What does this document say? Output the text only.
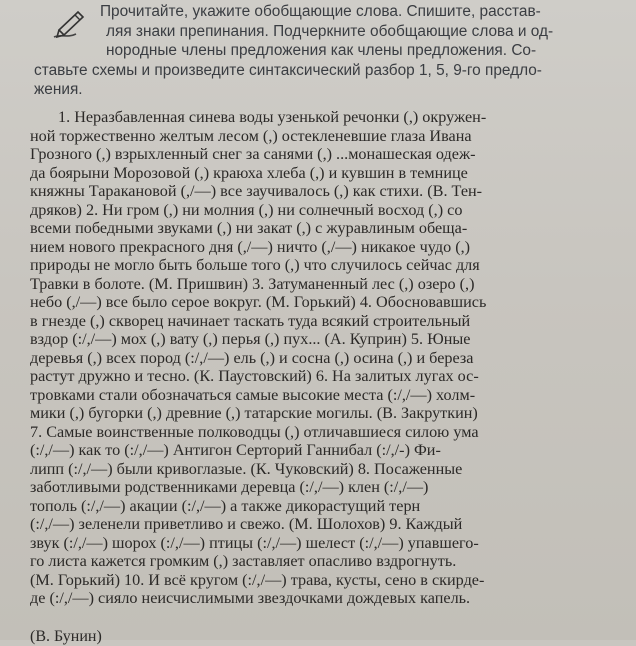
Прочитайте, укажите обобщающие слова. Спишите, расстав-
ляя знаки препинания. Подчеркните обобщающие слова и од-
нородные члены предложения как члены предложения. Со-
ставьте схемы и произведите синтаксический разбор 1, 5, 9-го предло-
жения.
1. Неразбавленная синева воды узенькой речонки (,) окружен-
ной торжественно желтым лесом (,) остекленевшие глаза Ивана
Грозного (,) взрыхленный снег за санями (,) ...монашеская одеж-
да боярыни Морозовой (,) краюха хлеба (,) и кувшин в темнице
княжны Таракановой (,/—) все заучивалось (,) как стихи. (В. Тен-
дряков) 2. Ни гром (,) ни молния (,) ни солнечный восход (,) со
всеми победными звуками (,) ни закат (,) с журавлиным обеща-
нием нового прекрасного дня (,/—) ничто (,/—) никакое чудо (,)
природы не могло быть больше того (,) что случилось сейчас для
Травки в болоте. (М. Пришвин) 3. Затуманенный лес (,) озеро (,)
небо (,/—) все было серое вокруг. (М. Горький) 4. Обосновавшись
в гнезде (,) скворец начинает таскать туда всякий строительный
вздор (:/,/—) мох (,) вату (,) перья (,) пух... (А. Куприн) 5. Юные
деревья (,) всех пород (:/,/—) ель (,) и сосна (,) осина (,) и береза
растут дружно и тесно. (К. Паустовский) 6. На залитых лугах ос-
тровками стали обозначаться самые высокие места (:/,/—) холм-
мики (,) бугорки (,) древние (,) татарские могилы. (В. Закруткин)
7. Самые воинственные полководцы (,) отличавшиеся силою ума
(:/,/—) как то (:/,/—) Антигон Серторий Ганнибал (:/,/-) Фи-
липп (:/,/—) были кривоглазые. (К. Чуковский) 8. Посаженные
заботливыми родственниками деревца (:/,/—) клен (:/,/—)
тополь (:/,/—) акации (:/,/—) а также дикорастущий терн
(:/,/—) зеленели приветливо и свежо. (М. Шолохов) 9. Каждый
звук (:/,/—) шорох (:/,/—) птицы (:/,/—) шелест (:/,/—) упавшего-
го листа кажется громким (,) заставляет опасливо вздрогнуть.
(М. Горький) 10. И всё кругом (:/,/—) трава, кусты, сено в скирде-
де (:/,/—) сияло неисчислимыми звездочками дождевых капель.
(В. Бунин)
